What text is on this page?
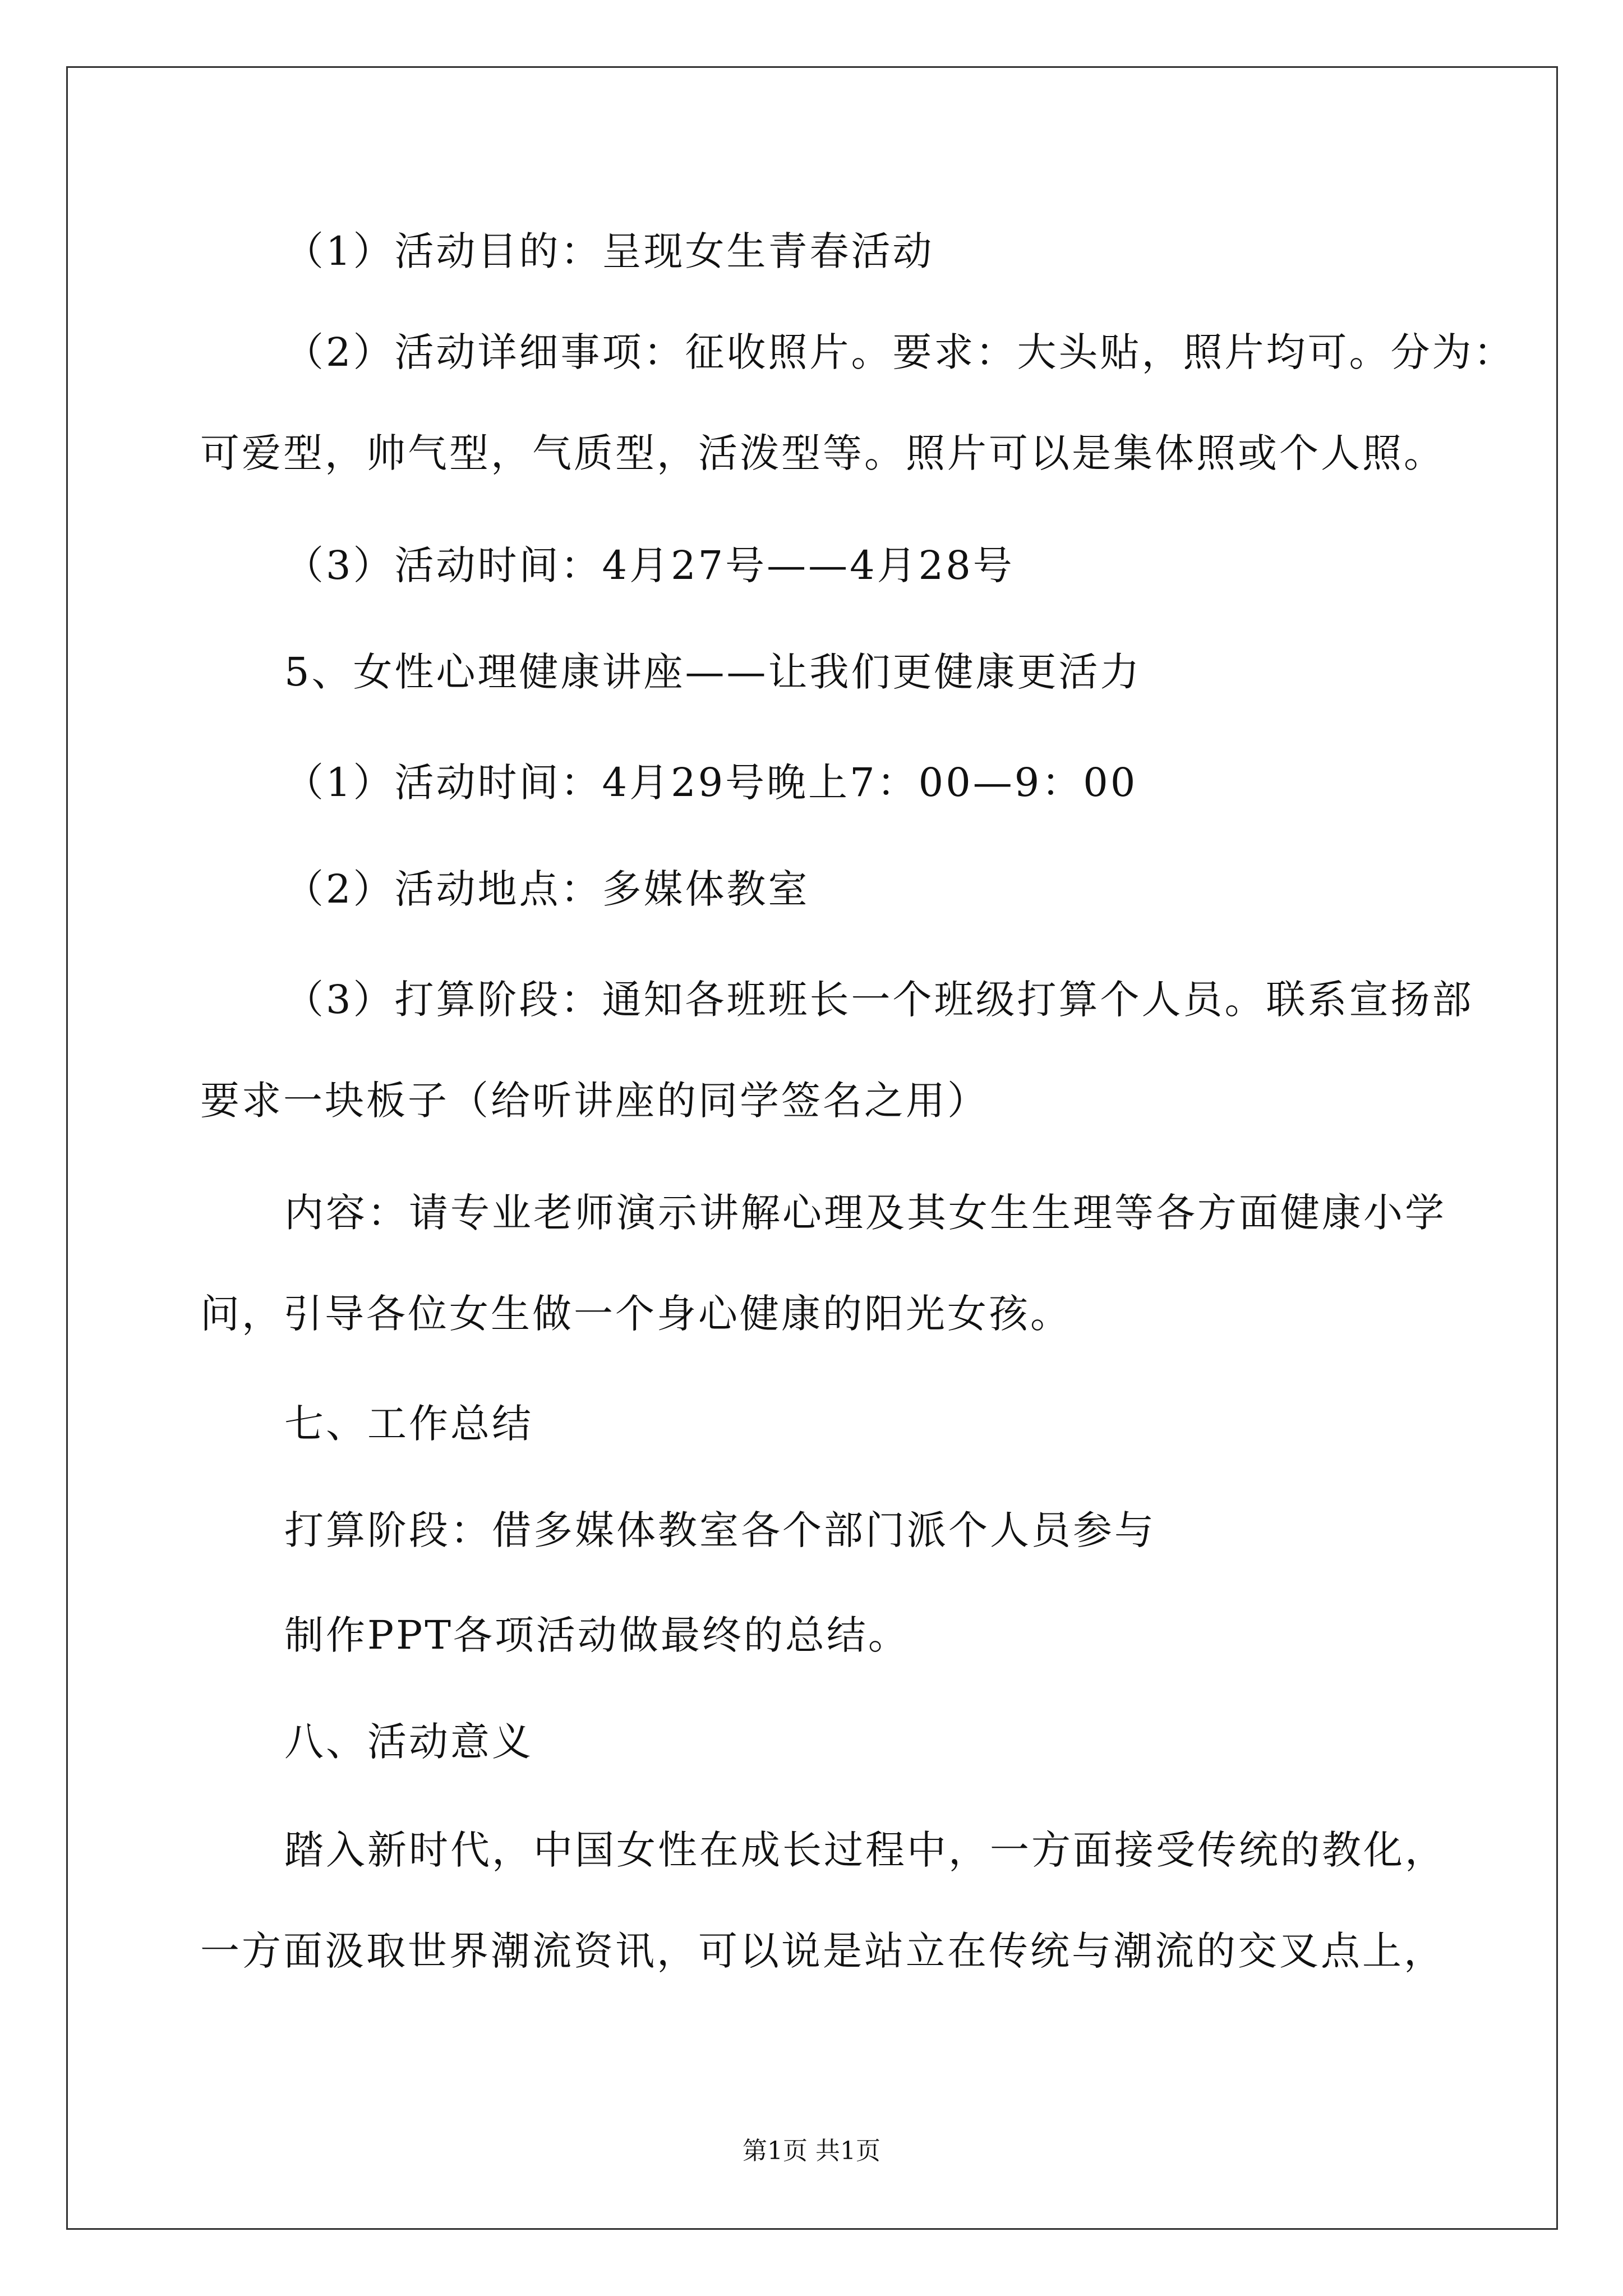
（1）活动目的：呈现女生青春活动
（2）活动详细事项：征收照片。要求：大头贴，照片均可。分为：
可爱型，帅气型，气质型，活泼型等。照片可以是集体照或个人照。
（3）活动时间：4月27号——4月28号
5、女性心理健康讲座——让我们更健康更活力
（1）活动时间：4月29号晚上7：00—9：00
（2）活动地点：多媒体教室
（3）打算阶段：通知各班班长一个班级打算个人员。联系宣扬部
要求一块板子（给听讲座的同学签名之用）
内容：请专业老师演示讲解心理及其女生生理等各方面健康小学
问，引导各位女生做一个身心健康的阳光女孩。
七、工作总结
打算阶段：借多媒体教室各个部门派个人员参与
制作PPT各项活动做最终的总结。
八、活动意义
踏入新时代，中国女性在成长过程中，一方面接受传统的教化，
一方面汲取世界潮流资讯，可以说是站立在传统与潮流的交叉点上，
第1页 共1页
